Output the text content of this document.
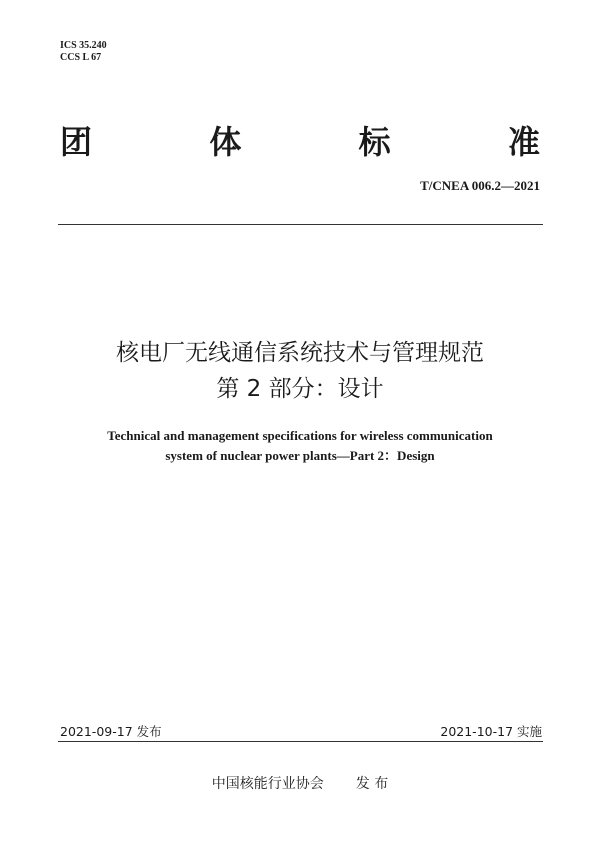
ICS 35.240
CCS L 67
团	体	标	准
T/CNEA 006.2—2021
核电厂无线通信系统技术与管理规范
第 2 部分：设计
Technical and management specifications for wireless communication
system of nuclear power plants—Part 2：Design
2021-09-17 发布	2021-10-17 实施
中国核能行业协会 发 布
